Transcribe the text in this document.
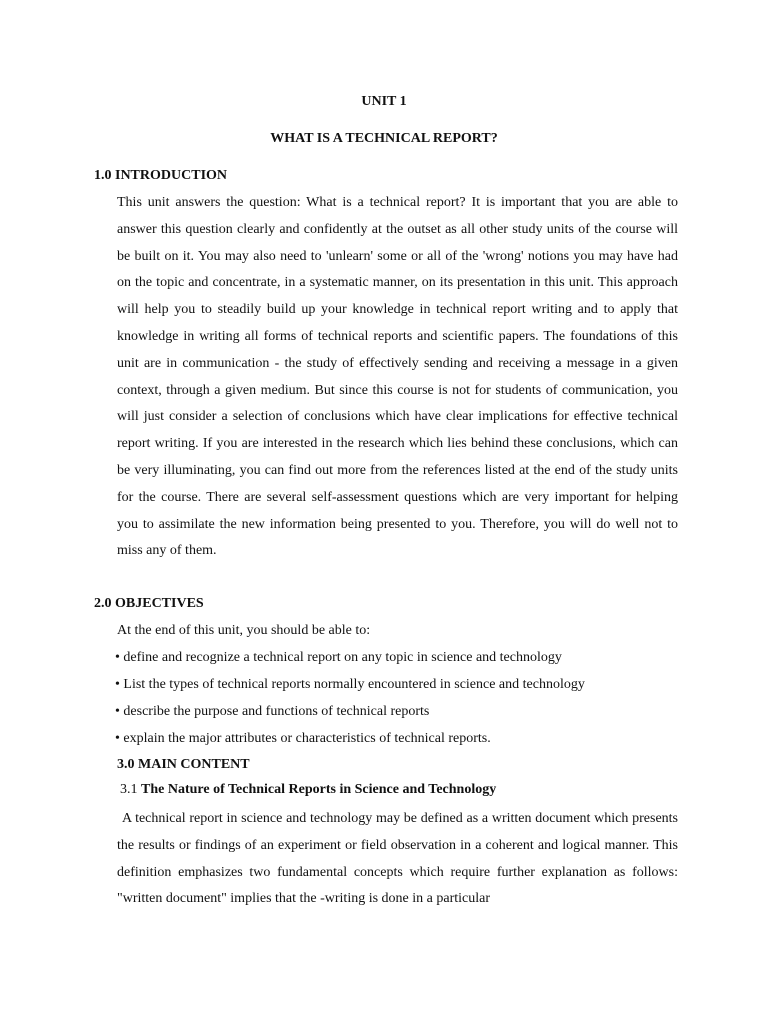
UNIT 1
WHAT IS A TECHNICAL REPORT?
1.0 INTRODUCTION
This unit answers the question: What is a technical report? It is important that you are able to answer this question clearly and confidently at the outset as all other study units of the course will be built on it. You may also need to 'unlearn' some or all of the 'wrong' notions you may have had on the topic and concentrate, in a systematic manner, on its presentation in this unit. This approach will help you to steadily build up your knowledge in technical report writing and to apply that knowledge in writing all forms of technical reports and scientific papers. The foundations of this unit are in communication - the study of effectively sending and receiving a message in a given context, through a given medium. But since this course is not for students of communication, you will just consider a selection of conclusions which have clear implications for effective technical report writing. If you are interested in the research which lies behind these conclusions, which can be very illuminating, you can find out more from the references listed at the end of the study units for the course. There are several self-assessment questions which are very important for helping you to assimilate the new information being presented to you. Therefore, you will do well not to miss any of them.
2.0 OBJECTIVES
At the end of this unit, you should be able to:
• define and recognize a technical report on any topic in science and technology
• List the types of technical reports normally encountered in science and technology
• describe the purpose and functions of technical reports
• explain the major attributes or characteristics of technical reports.
3.0 MAIN CONTENT
3.1 The Nature of Technical Reports in Science and Technology
A technical report in science and technology may be defined as a written document which presents the results or findings of an experiment or field observation in a coherent and logical manner. This definition emphasizes two fundamental concepts which require further explanation as follows: "written document" implies that the -writing is done in a particular
